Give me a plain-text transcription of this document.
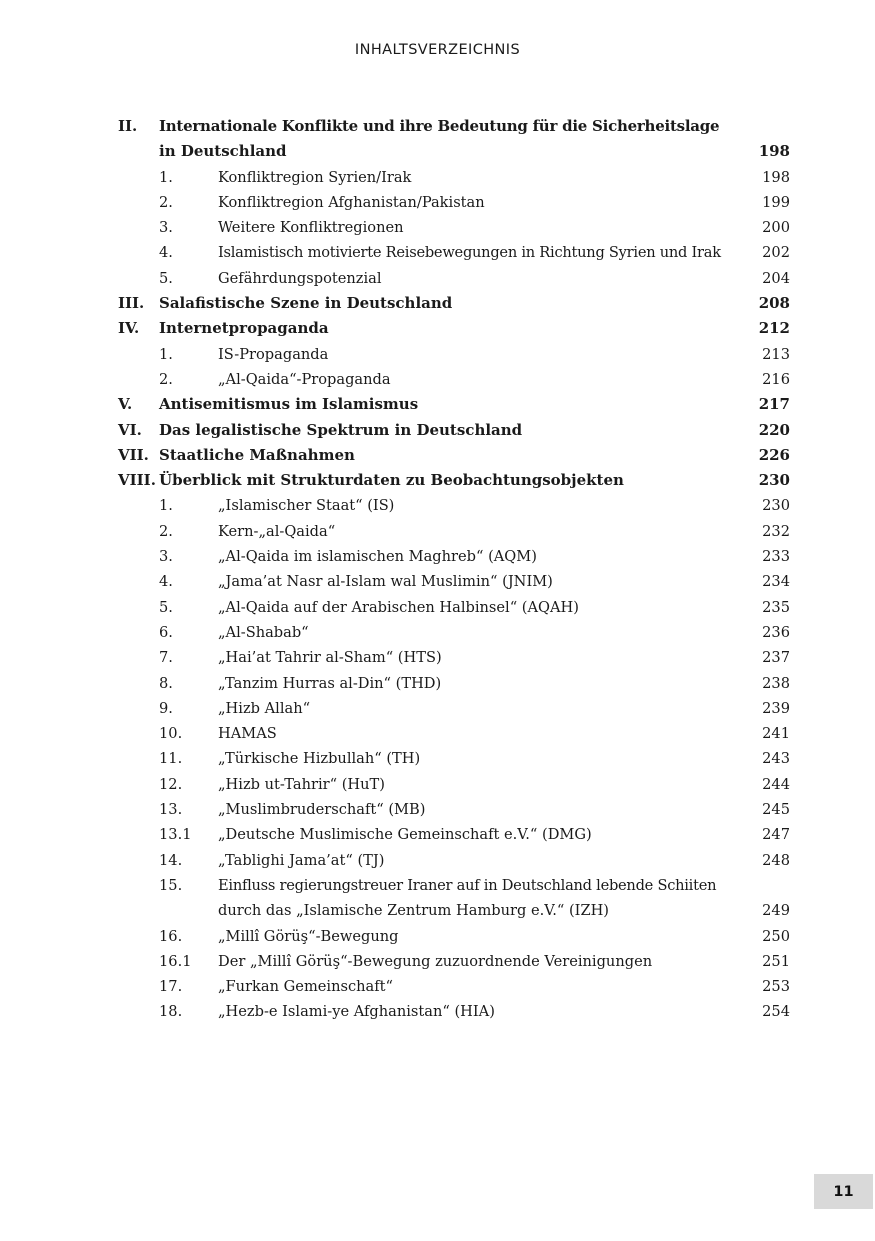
INHALTSVERZEICHNIS
II. Internationale Konflikte und ihre Bedeutung für die Sicherheitslage
in Deutschland	198
1.	Konfliktregion Syrien/Irak	198
2.	Konfliktregion Afghanistan/Pakistan	199
3.	Weitere Konfliktregionen	200
4.	Islamistisch motivierte Reisebewegungen in Richtung Syrien und Irak	202
5.	Gefährdungspotenzial	204
III. Salafistische Szene in Deutschland	208
IV. Internetpropaganda	212
1.	IS-Propaganda	213
2.	„Al-Qaida“-Propaganda	216
V. Antisemitismus im Islamismus	217
VI. Das legalistische Spektrum in Deutschland	220
VII. Staatliche Maßnahmen	226
VIII. Überblick mit Strukturdaten zu Beobachtungsobjekten	230
1.	„Islamischer Staat“ (IS)	230
2.	Kern-„al-Qaida“	232
3.	„Al-Qaida im islamischen Maghreb“ (AQM)	233
4.	„Jama’at Nasr al-Islam wal Muslimin“ (JNIM)	234
5.	„Al-Qaida auf der Arabischen Halbinsel“ (AQAH)	235
6.	„Al-Shabab“	236
7.	„Hai’at Tahrir al-Sham“ (HTS)	237
8.	„Tanzim Hurras al-Din“ (THD)	238
9.	„Hizb Allah“	239
10. HAMAS	241
11. „Türkische Hizbullah“ (TH)	243
12. „Hizb ut-Tahrir“ (HuT)	244
13. „Muslimbruderschaft“ (MB)	245
13.1 „Deutsche Muslimische Gemeinschaft e.V.“ (DMG)	247
14. „Tablighi Jama’at“ (TJ)	248
15. Einfluss regierungstreuer Iraner auf in Deutschland lebende Schiiten
durch das „Islamische Zentrum Hamburg e.V.“ (IZH)	249
16. „Millî Görüş“-Bewegung	250
16.1 Der „Millî Görüş“-Bewegung zuzuordnende Vereinigungen	251
17. „Furkan Gemeinschaft“	253
18. „Hezb-e Islami-ye Afghanistan“ (HIA)	254
11
